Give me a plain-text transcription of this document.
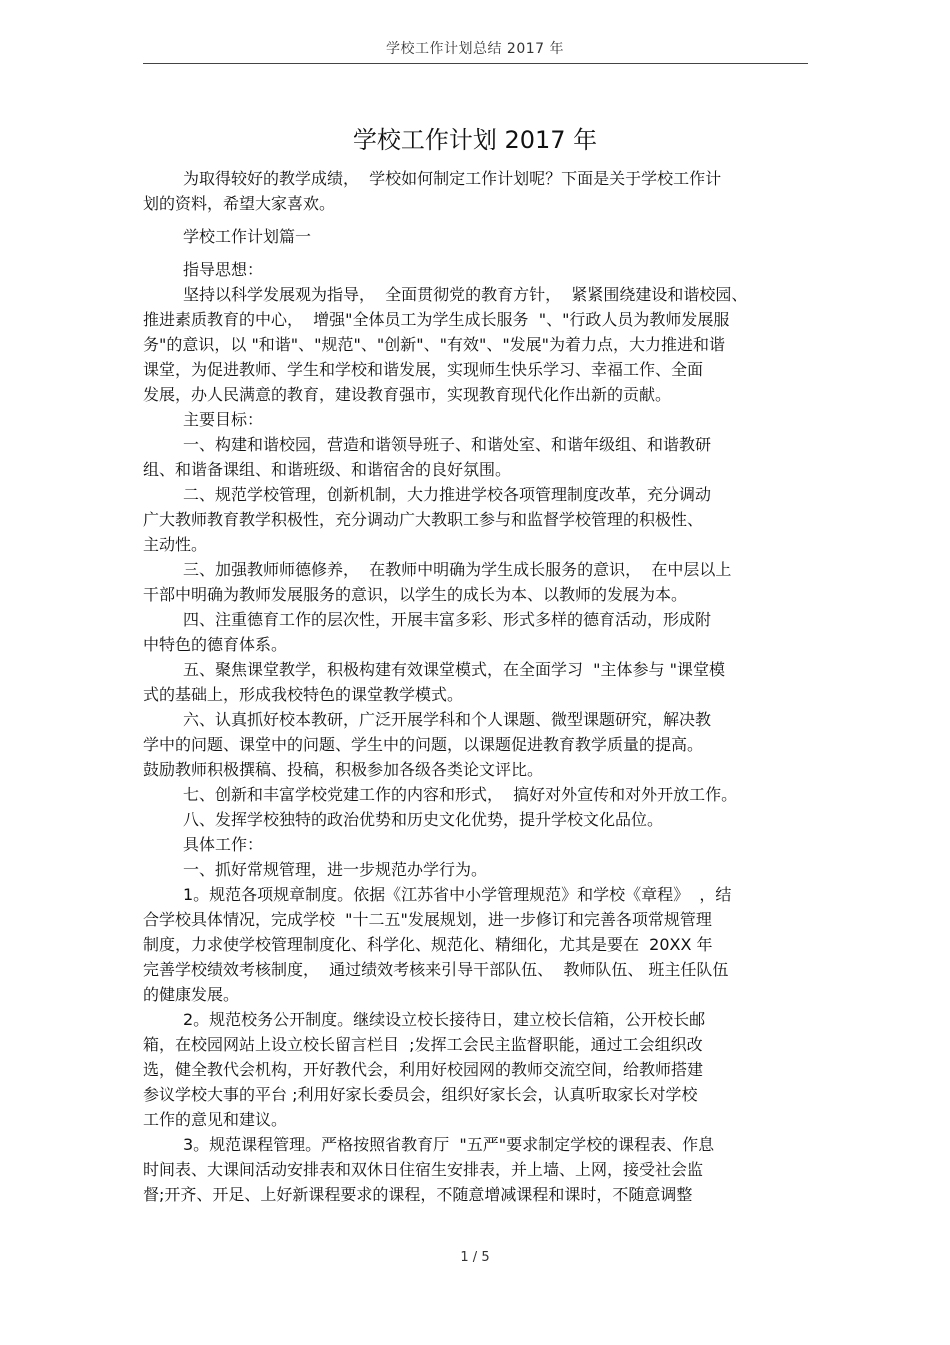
学校工作计划总结 2017 年
学校工作计划 2017 年
为取得较好的教学成绩，  学校如何制定工作计划呢？下面是关于学校工作计
划的资料，希望大家喜欢。
学校工作计划篇一
指导思想：
坚持以科学发展观为指导，  全面贯彻党的教育方针，  紧紧围绕建设和谐校园、
推进素质教育的中心，  增强"全体员工为学生成长服务  "、"行政人员为教师发展服
务"的意识，以 "和谐"、"规范"、"创新"、"有效"、"发展"为着力点，大力推进和谐
课堂，为促进教师、学生和学校和谐发展，实现师生快乐学习、幸福工作、全面
发展，办人民满意的教育，建设教育强市，实现教育现代化作出新的贡献。
主要目标：
一、构建和谐校园，营造和谐领导班子、和谐处室、和谐年级组、和谐教研
组、和谐备课组、和谐班级、和谐宿舍的良好氛围。
二、规范学校管理，创新机制，大力推进学校各项管理制度改革，充分调动
广大教师教育教学积极性，充分调动广大教职工参与和监督学校管理的积极性、
主动性。
三、加强教师师德修养，  在教师中明确为学生成长服务的意识，  在中层以上
干部中明确为教师发展服务的意识，以学生的成长为本、以教师的发展为本。
四、注重德育工作的层次性，开展丰富多彩、形式多样的德育活动，形成附
中特色的德育体系。
五、聚焦课堂教学，积极构建有效课堂模式，在全面学习  "主体参与 "课堂模
式的基础上，形成我校特色的课堂教学模式。
六、认真抓好校本教研，广泛开展学科和个人课题、微型课题研究，解决教
学中的问题、课堂中的问题、学生中的问题，以课题促进教育教学质量的提高。
鼓励教师积极撰稿、投稿，积极参加各级各类论文评比。
七、创新和丰富学校党建工作的内容和形式，  搞好对外宣传和对外开放工作。
八、发挥学校独特的政治优势和历史文化优势，提升学校文化品位。
具体工作：
一、抓好常规管理，进一步规范办学行为。
1。规范各项规章制度。依据《江苏省中小学管理规范》和学校《章程》  ，结
合学校具体情况，完成学校  "十二五"发展规划，进一步修订和完善各项常规管理
制度，力求使学校管理制度化、科学化、规范化、精细化，尤其是要在  20XX 年
完善学校绩效考核制度，  通过绩效考核来引导干部队伍、  教师队伍、 班主任队伍
的健康发展。
2。规范校务公开制度。继续设立校长接待日，建立校长信箱，公开校长邮
箱，在校园网站上设立校长留言栏目  ;发挥工会民主监督职能，通过工会组织改
选，健全教代会机构，开好教代会，利用好校园网的教师交流空间，给教师搭建
参议学校大事的平台 ;利用好家长委员会，组织好家长会，认真听取家长对学校
工作的意见和建议。
3。规范课程管理。严格按照省教育厅  "五严"要求制定学校的课程表、作息
时间表、大课间活动安排表和双休日住宿生安排表，并上墙、上网，接受社会监
督;开齐、开足、上好新课程要求的课程，不随意增减课程和课时，不随意调整
1 / 5
